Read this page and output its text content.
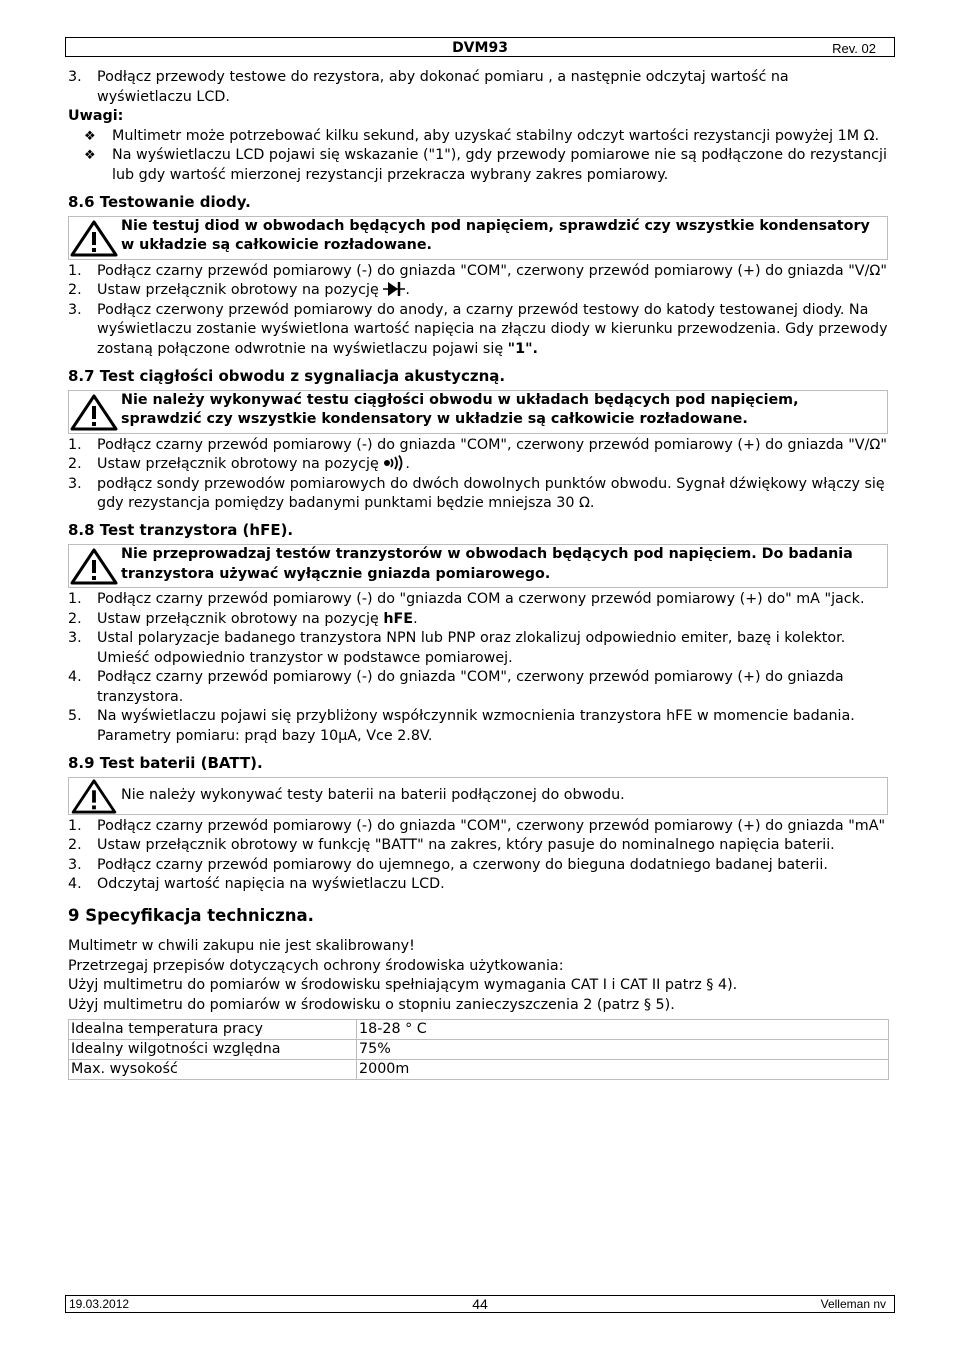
DVM93	Rev. 02
3. Podłącz przewody testowe do rezystora, aby dokonać pomiaru , a następnie odczytaj wartość na wyświetlaczu LCD.
Uwagi:
❖ Multimetr może potrzebować kilku sekund, aby uzyskać stabilny odczyt wartości rezystancji powyżej 1M Ω.
❖ Na wyświetlaczu LCD pojawi się wskazanie ("1"), gdy przewody pomiarowe nie są podłączone do rezystancji lub gdy wartość mierzonej rezystancji przekracza wybrany zakres pomiarowy.
8.6 Testowanie diody.
Nie testuj diod w obwodach będących pod napięciem, sprawdzić czy wszystkie kondensatory w układzie są całkowicie rozładowane.
1. Podłącz czarny przewód pomiarowy (-) do gniazda "COM", czerwony przewód pomiarowy (+) do gniazda "V/Ω"
2. Ustaw przełącznik obrotowy na pozycję .
3. Podłącz czerwony przewód pomiarowy do anody, a czarny przewód testowy do katody testowanej diody. Na wyświetlaczu zostanie wyświetlona wartość napięcia na złączu diody w kierunku przewodzenia. Gdy przewody zostaną połączone odwrotnie na wyświetlaczu pojawi się "1".
8.7 Test ciągłości obwodu z sygnaliacja akustyczną.
Nie należy wykonywać testu ciągłości obwodu w układach będących pod napięciem, sprawdzić czy wszystkie kondensatory w układzie są całkowicie rozładowane.
1. Podłącz czarny przewód pomiarowy (-) do gniazda "COM", czerwony przewód pomiarowy (+) do gniazda "V/Ω"
2. Ustaw przełącznik obrotowy na pozycję .
3. podłącz sondy przewodów pomiarowych do dwóch dowolnych punktów obwodu. Sygnał dźwiękowy włączy się gdy rezystancja pomiędzy badanymi punktami będzie mniejsza 30 Ω.
8.8 Test tranzystora (hFE).
Nie przeprowadzaj testów tranzystorów w obwodach będących pod napięciem. Do badania tranzystora używać wyłącznie gniazda pomiarowego.
1. Podłącz czarny przewód pomiarowy (-) do "gniazda COM a czerwony przewód pomiarowy (+) do" mA "jack.
2. Ustaw przełącznik obrotowy na pozycję hFE.
3. Ustal polaryzacje badanego tranzystora NPN lub PNP oraz zlokalizuj odpowiednio emiter, bazę i kolektor. Umieść odpowiednio tranzystor w podstawce pomiarowej.
4. Podłącz czarny przewód pomiarowy (-) do gniazda "COM", czerwony przewód pomiarowy (+) do gniazda tranzystora.
5. Na wyświetlaczu pojawi się przybliżony współczynnik wzmocnienia tranzystora hFE w momencie badania. Parametry pomiaru: prąd bazy 10μA, Vce 2.8V.
8.9 Test baterii (BATT).
Nie należy wykonywać testy baterii na baterii podłączonej do obwodu.
1. Podłącz czarny przewód pomiarowy (-) do gniazda "COM", czerwony przewód pomiarowy (+) do gniazda "mA"
2. Ustaw przełącznik obrotowy w funkcję "BATT" na zakres, który pasuje do nominalnego napięcia baterii.
3. Podłącz czarny przewód pomiarowy do ujemnego, a czerwony do bieguna dodatniego badanej baterii.
4. Odczytaj wartość napięcia na wyświetlaczu LCD.
9 Specyfikacja techniczna.

Multimetr w chwili zakupu nie jest skalibrowany!

Przetrzegaj przepisów dotyczących ochrony środowiska użytkowania:

Użyj multimetru do pomiarów w środowisku spełniającym wymagania CAT I i CAT II patrz § 4).

Użyj multimetru do pomiarów w środowisku o stopniu zanieczyszczenia 2 (patrz § 5).

Idealna temperatura pracy	18-28 ° C
Idealny wilgotności względna	75%
Max. wysokość	2000m
19.03.2012	44	Velleman nv
